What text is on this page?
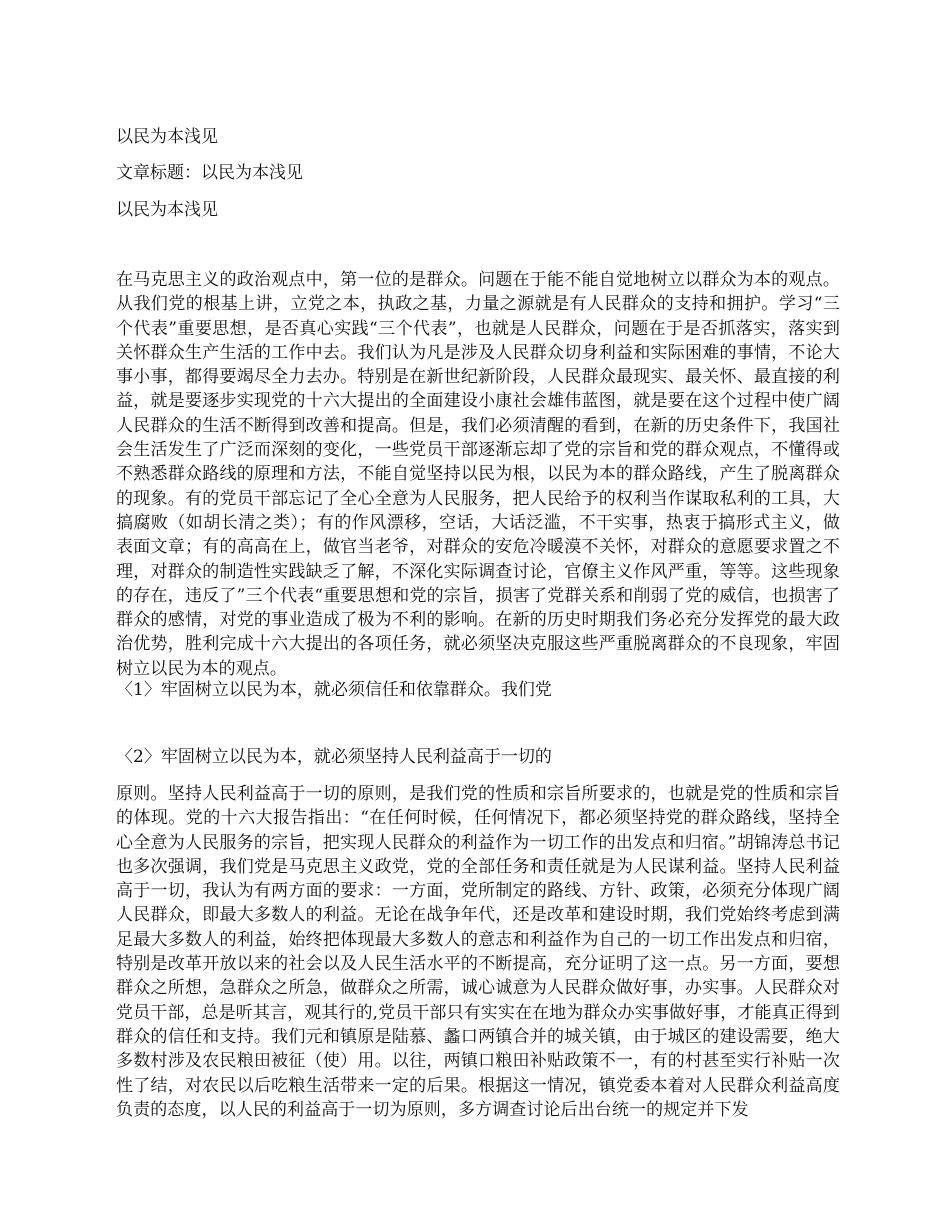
以民为本浅见
文章标题：以民为本浅见
以民为本浅见
在马克思主义的政治观点中，第一位的是群众。问题在于能不能自觉地树立以群众为本的观点。从我们党的根基上讲，立党之本，执政之基，力量之源就是有人民群众的支持和拥护。学习“三个代表”重要思想，是否真心实践“三个代表”，也就是人民群众，问题在于是否抓落实，落实到关怀群众生产生活的工作中去。我们认为凡是涉及人民群众切身利益和实际困难的事情，不论大事小事，都得要竭尽全力去办。特别是在新世纪新阶段，人民群众最现实、最关怀、最直接的利益，就是要逐步实现党的十六大提出的全面建设小康社会雄伟蓝图，就是要在这个过程中使广阔人民群众的生活不断得到改善和提高。但是，我们必须清醒的看到，在新的历史条件下，我国社会生活发生了广泛而深刻的变化，一些党员干部逐渐忘却了党的宗旨和党的群众观点，不懂得或不熟悉群众路线的原理和方法，不能自觉坚持以民为根，以民为本的群众路线，产生了脱离群众的现象。有的党员干部忘记了全心全意为人民服务，把人民给予的权利当作谋取私利的工具，大搞腐败（如胡长清之类）；有的作风漂移，空话，大话泛滥，不干实事，热衷于搞形式主义，做表面文章；有的高高在上，做官当老爷，对群众的安危冷暖漠不关怀，对群众的意愿要求置之不理，对群众的制造性实践缺乏了解，不深化实际调查讨论，官僚主义作风严重，等等。这些现象的存在，违反了”三个代表“重要思想和党的宗旨，损害了党群关系和削弱了党的威信，也损害了群众的感情，对党的事业造成了极为不利的影响。在新的历史时期我们务必充分发挥党的最大政治优势，胜利完成十六大提出的各项任务，就必须坚决克服这些严重脱离群众的不良现象，牢固树立以民为本的观点。
〈1〉牢固树立以民为本，就必须信任和依靠群众。我们党
〈2〉牢固树立以民为本，就必须坚持人民利益高于一切的
原则。坚持人民利益高于一切的原则，是我们党的性质和宗旨所要求的，也就是党的性质和宗旨的体现。党的十六大报告指出：“在任何时候，任何情况下，都必须坚持党的群众路线，坚持全心全意为人民服务的宗旨，把实现人民群众的利益作为一切工作的出发点和归宿。”胡锦涛总书记也多次强调，我们党是马克思主义政党，党的全部任务和责任就是为人民谋利益。坚持人民利益高于一切，我认为有两方面的要求：一方面，党所制定的路线、方针、政策，必须充分体现广阔人民群众，即最大多数人的利益。无论在战争年代，还是改革和建设时期，我们党始终考虑到满足最大多数人的利益，始终把体现最大多数人的意志和利益作为自己的一切工作出发点和归宿，特别是改革开放以来的社会以及人民生活水平的不断提高，充分证明了这一点。另一方面，要想群众之所想，急群众之所急，做群众之所需，诚心诚意为人民群众做好事，办实事。人民群众对党员干部，总是听其言，观其行的,党员干部只有实实在在地为群众办实事做好事，才能真正得到群众的信任和支持。我们元和镇原是陆慕、蠡口两镇合并的城关镇，由于城区的建设需要，绝大多数村涉及农民粮田被征（使）用。以往，两镇口粮田补贴政策不一，有的村甚至实行补贴一次性了结，对农民以后吃粮生活带来一定的后果。根据这一情况，镇党委本着对人民群众利益高度负责的态度，以人民的利益高于一切为原则，多方调查讨论后出台统一的规定并下发
